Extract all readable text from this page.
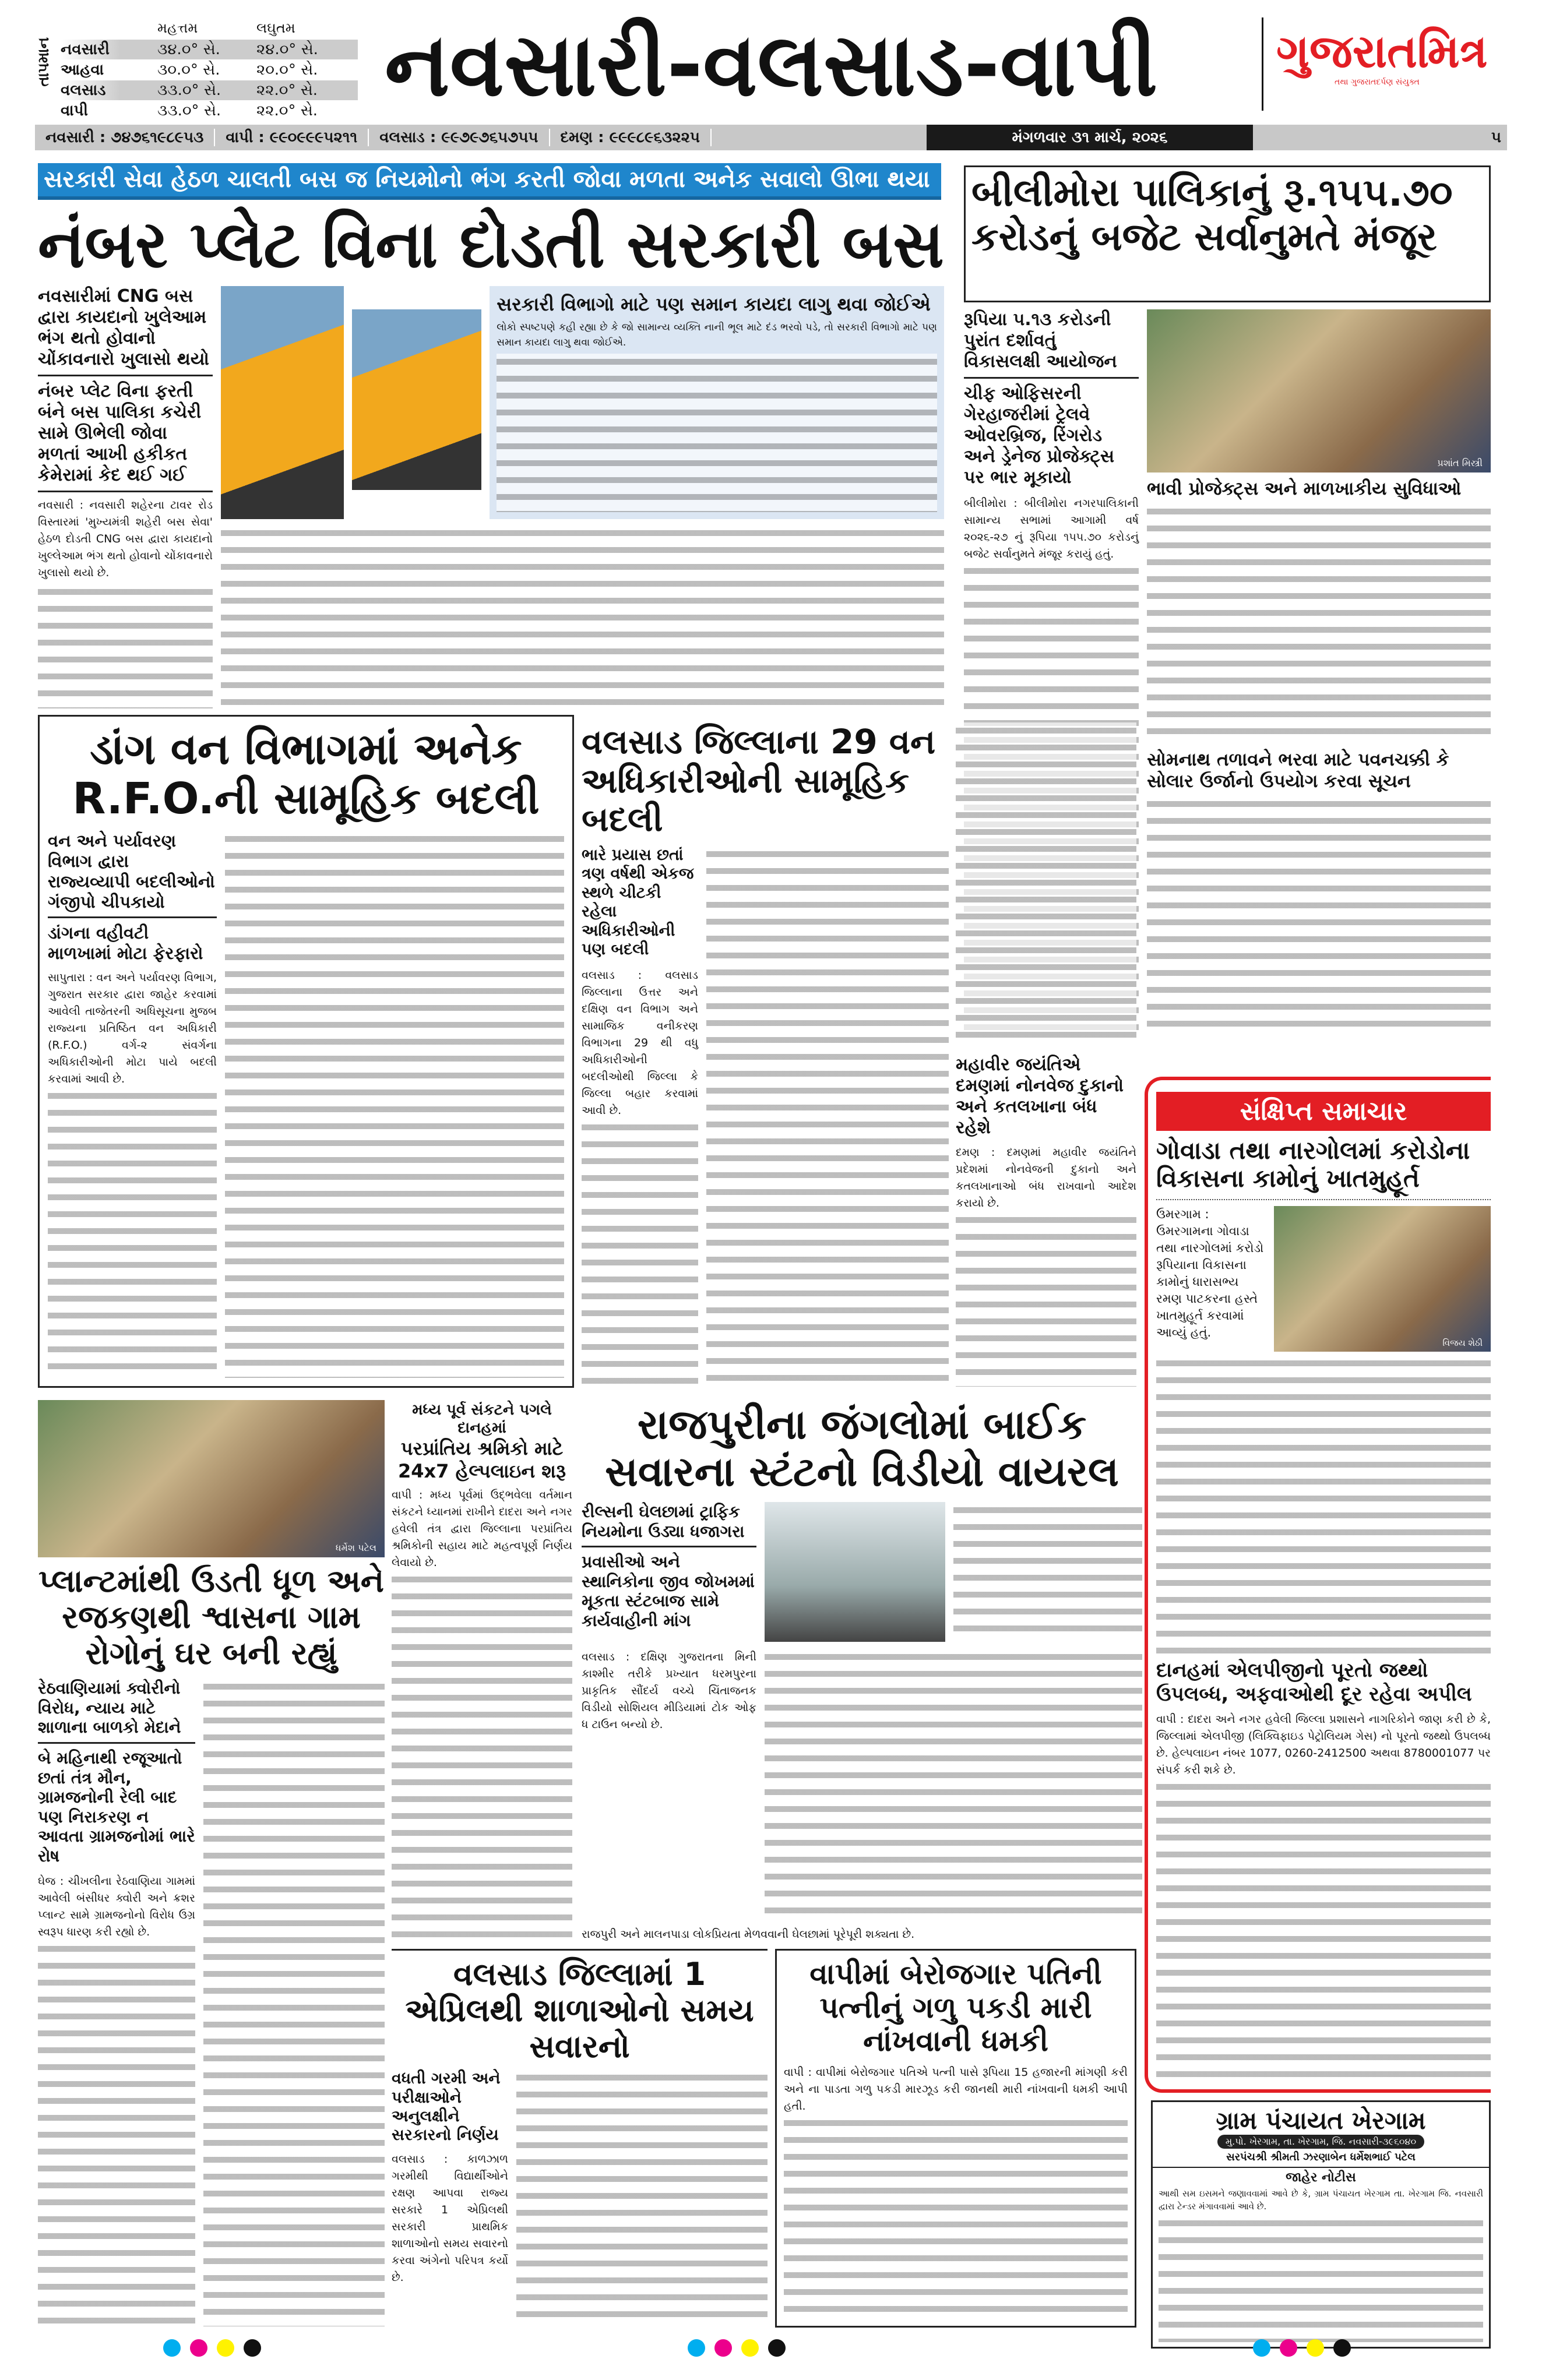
તાપમાન
મહત્તમ	લઘુતમ
નવસારી	૩૪.૦° સે.	૨૪.૦° સે.
આહવા	૩૦.૦° સે.	૨૦.૦° સે.
વલસાડ	૩૩.૦° સે.	૨૨.૦° સે.
વાપી	૩૩.૦° સે.	૨૨.૦° સે. નવસારી-વલસાડ-વાપી	ગુજરાતમિત્ર
તથા ગુજરાતદર્પણ સંયુક્ત
નવસારી : ૭૪૭૬૧૯૮૯૫૩ વાપી : ૯૯૦૯૯૯૫૨૧૧ વલસાડ : ૯૯૭૯૭૬૫૭૫૫ દમણ : ૯૯૯૮૯૬૩૨૨૫	મંગળવાર ૩૧ માર્ચ, ૨૦૨૬	૫
સરકારી સેવા હેઠળ ચાલતી બસ જ નિયમોનો ભંગ કરતી જોવા મળતા અનેક સવાલો ઊભા થયા
નંબર પ્લેટ વિના દોડતી સરકારી બસ
નવસારીમાં CNG બસ દ્વારા કાયદાનો ખુલેઆમ ભંગ થતો હોવાનો ચોંકાવનારો ખુલાસો થયો
નંબર પ્લેટ વિના ફરતી બંને બસ પાલિકા કચેરી સામે ઊભેલી જોવા મળતાં આખી હકીકત કેમેરામાં કેદ થઈ ગઈ
નવસારી : નવસારી શહેરના ટાવર રોડ વિસ્તારમાં 'મુખ્યમંત્રી શહેરી બસ સેવા' હેઠળ દોડતી CNG બસ દ્વારા કાયદાનો ખુલ્લેઆમ ભંગ થતો હોવાનો ચોંકાવનારો ખુલાસો થયો છે.
સરકારી વિભાગો માટે પણ સમાન કાયદા લાગુ થવા જોઈએ
લોકો સ્પષ્ટપણે કહી રહ્યા છે કે જો સામાન્ય વ્યક્તિ નાની ભૂલ માટે દંડ ભરવો પડે, તો સરકારી વિભાગો માટે પણ સમાન કાયદા લાગુ થવા જોઈએ.
બીલીમોરા પાલિકાનું રૂ.૧૫૫.૭૦ કરોડનું બજેટ સર્વાનુમતે મંજૂર
રૂપિયા ૫.૧૩ કરોડની પુરાંત દર્શાવતું વિકાસલક્ષી આયોજન
ચીફ ઓફિસરની ગેરહાજરીમાં ટ્રેલવે ઓવરબ્રિજ, રિંગરોડ અને ડ્રેનેજ પ્રોજેક્ટ્સ પર ભાર મૂકાયો
બીલીમોરા : બીલીમોરા નગરપાલિકાની સામાન્ય સભામાં આગામી વર્ષ ૨૦૨૬-૨૭ નું રૂપિયા ૧૫૫.૭૦ કરોડનું બજેટ સર્વાનુમતે મંજૂર કરાયું હતું.
પ્રશાંત મિસ્ત્રી
ભાવી પ્રોજેક્ટ્સ અને માળખાકીય સુવિધાઓ
સોમનાથ તળાવને ભરવા માટે પવનચક્કી કે સોલાર ઉર્જાનો ઉપયોગ કરવા સૂચન
ડાંગ વન વિભાગમાં અનેક R.F.O.ની સામૂહિક બદલી
વન અને પર્યાવરણ વિભાગ દ્વારા રાજ્યવ્યાપી બદલીઓનો ગંજીપો ચીપકાયો
ડાંગના વહીવટી માળખામાં મોટા ફેરફારો
સાપુતારા : વન અને પર્યાવરણ વિભાગ, ગુજરાત સરકાર દ્વારા જાહેર કરવામાં આવેલી તાજેતરની અધિસૂચના મુજબ રાજ્યના પ્રતિષ્ઠિત વન અધિકારી (R.F.O.) વર્ગ-૨ સંવર્ગના અધિકારીઓની મોટા પાયે બદલી કરવામાં આવી છે.
વલસાડ જિલ્લાના 29 વન અધિકારીઓની સામૂહિક બદલી
ભારે પ્રયાસ છતાં ત્રણ વર્ષથી એકજ સ્થળે ચીટકી રહેલા અધિકારીઓની પણ બદલી
વલસાડ : વલસાડ જિલ્લાના ઉત્તર અને દક્ષિણ વન વિભાગ અને સામાજિક વનીકરણ વિભાગના 29 થી વધુ અધિકારીઓની બદલીઓથી જિલ્લા કે જિલ્લા બહાર કરવામાં આવી છે.
મહાવીર જયંતિએ દમણમાં નોનવેજ દુકાનો અને કતલખાના બંધ રહેશે
દમણ : દમણમાં મહાવીર જયંતિને પ્રદેશમાં નોનવેજની દુકાનો અને કતલખાનાઓ બંધ રાખવાનો આદેશ કરાયો છે.
સંક્ષિપ્ત સમાચાર
ગોવાડા તથા નારગોલમાં કરોડોના વિકાસના કામોનું ખાતમુહૂર્ત
ઉમરગામ : ઉમરગામના ગોવાડા તથા નારગોલમાં કરોડો રૂપિયાના વિકાસના કામોનું ધારાસભ્ય રમણ પાટકરના હસ્તે ખાતમુહૂર્ત કરવામાં આવ્યું હતું.
વિજય શેઠી
દાનહમાં એલપીજીનો પૂરતો જથ્થો ઉપલબ્ધ, અફવાઓથી દૂર રહેવા અપીલ
વાપી : દાદરા અને નગર હવેલી જિલ્લા પ્રશાસને નાગરિકોને જાણ કરી છે કે, જિલ્લામાં એલપીજી (લિક્વિફાઇડ પેટ્રોલિયમ ગેસ) નો પૂરતો જથ્થો ઉપલબ્ધ છે. હેલ્પલાઇન નંબર 1077, 0260-2412500 અથવા 8780001077 પર સંપર્ક કરી શકે છે.
ગ્રામ પંચાયત ખેરગામ
મુ.પો. ખેરગામ, તા. ખેરગામ, જિ. નવસારી-૩૯૬૦૪૦
સરપંચશ્રી શ્રીમતી ઝરણાબેન ધર્મેશભાઈ પટેલ
જાહેર નોટીસ
આથી સમ ઇસમને જણાવવામાં આવે છે કે, ગ્રામ પંચાયત ખેરગામ તા. ખેરગામ જિ. નવસારી દ્વારા ટેન્ડર મંગાવવામાં આવે છે.
ધર્મેશ પટેલ
પ્લાન્ટમાંથી ઉડતી ધૂળ અને રજકણથી શ્વાસના ગામ રોગોનું ઘર બની રહ્યું
રેઠવાણિયામાં ક્વોરીનો વિરોધ, ન્યાય માટે શાળાના બાળકો મેદાને
બે મહિનાથી રજૂઆતો છતાં તંત્ર મૌન, ગ્રામજનોની રેલી બાદ પણ નિરાકરણ ન આવતા ગ્રામજનોમાં ભારે રોષ
ઘેજ : ચીખલીના રેઠવાણિયા ગામમાં આવેલી બંસીધર ક્વોરી અને ક્રશર પ્લાન્ટ સામે ગ્રામજનોનો વિરોધ ઉગ્ર સ્વરૂપ ધારણ કરી રહ્યો છે.
મધ્ય પૂર્વ સંકટને પગલે દાનહમાં
પરપ્રાંતિય શ્રમિકો માટે 24x7 હેલ્પલાઇન શરૂ
વાપી : મધ્ય પૂર્વમાં ઉદ્ભવેલા વર્તમાન સંકટને ધ્યાનમાં રાખીને દાદરા અને નગર હવેલી તંત્ર દ્વારા જિલ્લાના પરપ્રાંતિય શ્રમિકોની સહાય માટે મહત્વપૂર્ણ નિર્ણય લેવાયો છે.
રાજપુરીના જંગલોમાં બાઈક સવારના સ્ટંટનો વિડીયો વાયરલ
રીલ્સની ઘેલછામાં ટ્રાફિક નિયમોના ઉડ્યા ધજાગરા
પ્રવાસીઓ અને સ્થાનિકોના જીવ જોખમમાં મૂકતા સ્ટંટબાજ સામે કાર્યવાહીની માંગ
વલસાડ : દક્ષિણ ગુજરાતના મિની કાશ્મીર તરીકે પ્રખ્યાત ધરમપુરના પ્રાકૃતિક સૌંદર્ય વચ્ચે ચિંતાજનક વિડીયો સોશિયલ મીડિયામાં ટોક ઓફ ધ ટાઉન બન્યો છે.
રાજપુરી અને માલનપાડા લોકપ્રિયતા મેળવવાની ઘેલછામાં પૂરેપૂરી શક્યતા છે.
વલસાડ જિલ્લામાં 1 એપ્રિલથી શાળાઓનો સમય સવારનો
વધતી ગરમી અને પરીક્ષાઓને અનુલક્ષીને સરકારનો નિર્ણય
વલસાડ : કાળઝાળ ગરમીથી વિદ્યાર્થીઓને રક્ષણ આપવા રાજ્ય સરકારે 1 એપ્રિલથી સરકારી પ્રાથમિક શાળાઓનો સમય સવારનો કરવા અંગેનો પરિપત્ર કર્યો છે.
વાપીમાં બેરોજગાર પતિની પત્નીનું ગળુ પકડી મારી નાંખવાની ધમકી
વાપી : વાપીમાં બેરોજગાર પતિએ પત્ની પાસે રૂપિયા 15 હજારની માંગણી કરી અને ના પાડતા ગળુ પકડી મારઝૂડ કરી જાનથી મારી નાંખવાની ધમકી આપી હતી.
